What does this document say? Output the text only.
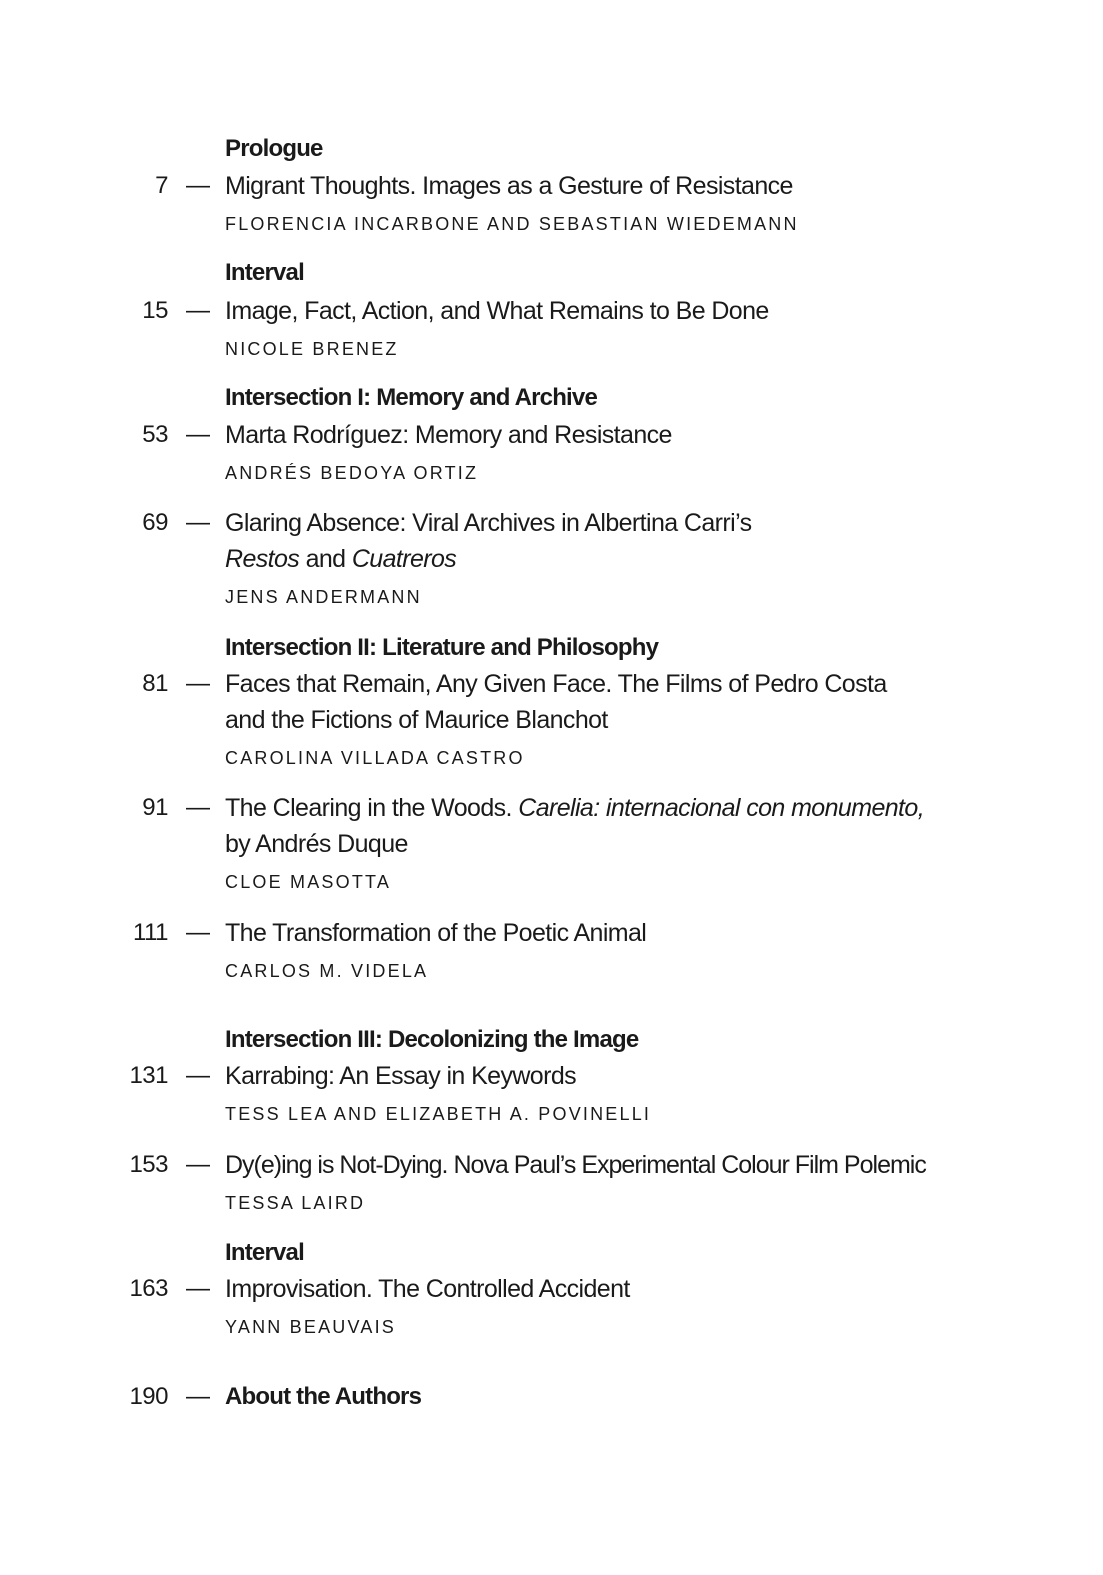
Prologue
7 — Migrant Thoughts. Images as a Gesture of Resistance
FLORENCIA INCARBONE AND SEBASTIAN WIEDEMANN
Interval
15 — Image, Fact, Action, and What Remains to Be Done
NICOLE BRENEZ
Intersection I: Memory and Archive
53 — Marta Rodríguez: Memory and Resistance
ANDRÉS BEDOYA ORTIZ
69 — Glaring Absence: Viral Archives in Albertina Carri’s
Restos and Cuatreros
JENS ANDERMANN
Intersection II: Literature and Philosophy
81 — Faces that Remain, Any Given Face. The Films of Pedro Costa
and the Fictions of Maurice Blanchot
CAROLINA VILLADA CASTRO
91 — The Clearing in the Woods. Carelia: internacional con monumento,
by Andrés Duque
CLOE MASOTTA
111 — The Transformation of the Poetic Animal
CARLOS M. VIDELA
Intersection III: Decolonizing the Image
131 — Karrabing: An Essay in Keywords
TESS LEA AND ELIZABETH A. POVINELLI
153 — Dy(e)ing is Not-Dying. Nova Paul’s Experimental Colour Film Polemic
TESSA LAIRD
Interval
163 — Improvisation. The Controlled Accident
YANN BEAUVAIS
190 — About the Authors
